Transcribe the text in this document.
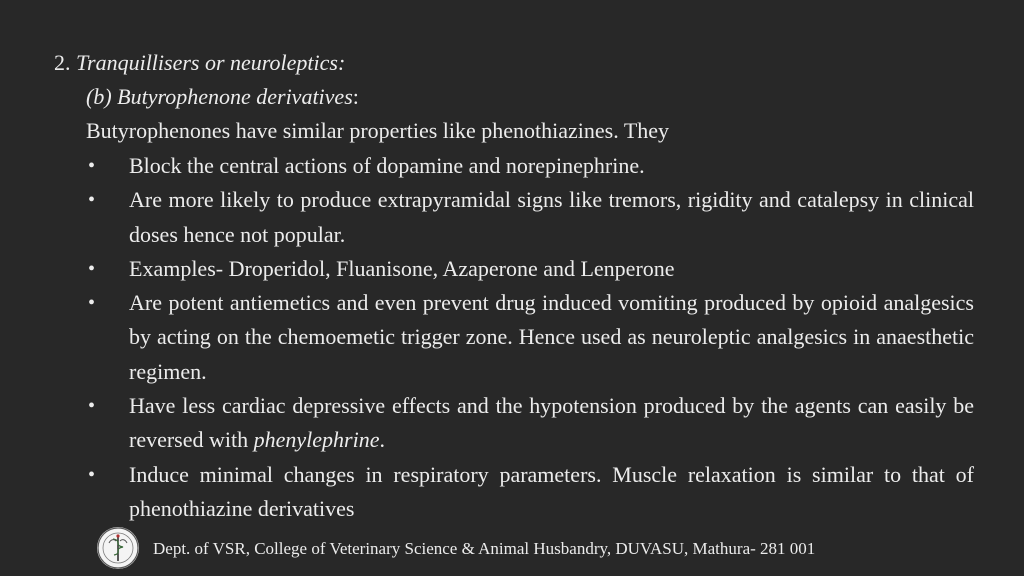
2. Tranquillisers or neuroleptics:
(b) Butyrophenone derivatives:
Butyrophenones have similar properties like phenothiazines. They
• Block the central actions of dopamine and norepinephrine.
• Are more likely to produce extrapyramidal signs like tremors, rigidity and catalepsy in clinical doses hence not popular.
• Examples- Droperidol, Fluanisone, Azaperone and Lenperone
• Are potent antiemetics and even prevent drug induced vomiting produced by opioid analgesics by acting on the chemoemetic trigger zone. Hence used as neuroleptic analgesics in anaesthetic regimen.
• Have less cardiac depressive effects and the hypotension produced by the agents can easily be reversed with phenylephrine.
• Induce minimal changes in respiratory parameters. Muscle relaxation is similar to that of phenothiazine derivatives
Dept. of VSR, College of Veterinary Science & Animal Husbandry, DUVASU, Mathura- 281 001
